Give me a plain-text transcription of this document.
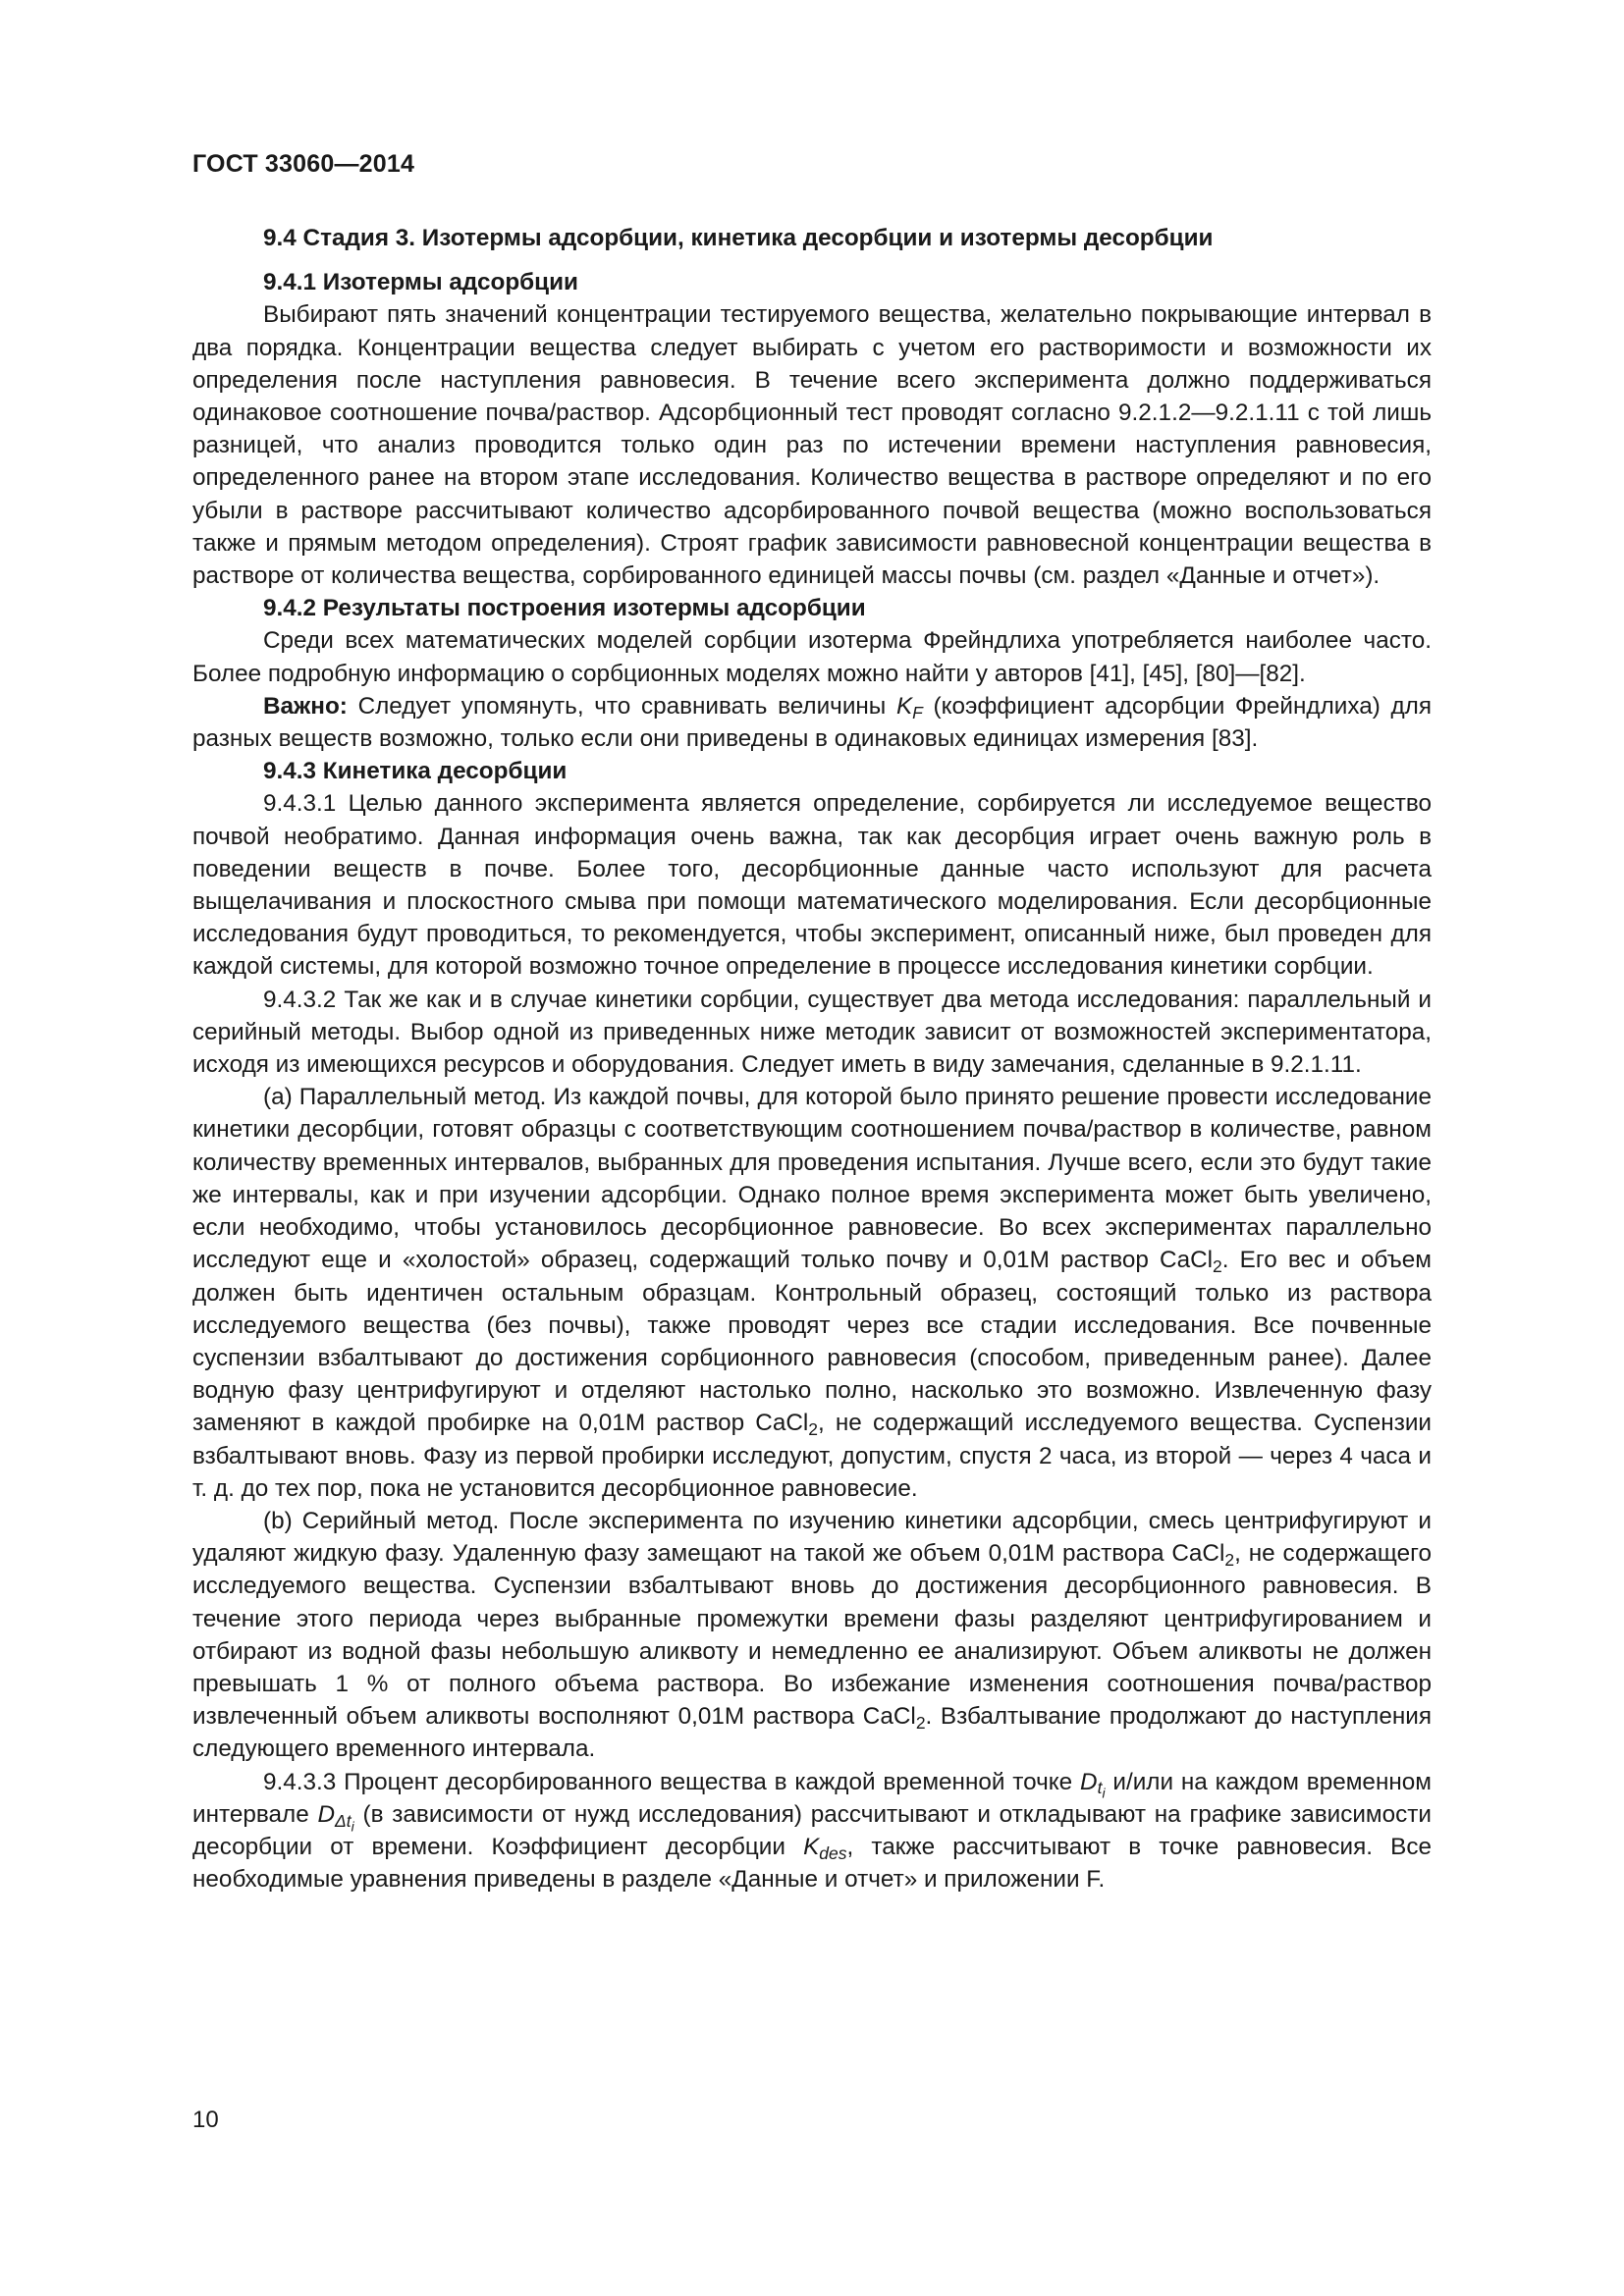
ГОСТ 33060—2014

9.4 Стадия 3. Изотермы адсорбции, кинетика десорбции и изотермы десорбции

9.4.1 Изотермы адсорбции

Выбирают пять значений концентрации тестируемого вещества, желательно покрывающие интервал в два порядка. Концентрации вещества следует выбирать с учетом его растворимости и возможности их определения после наступления равновесия. В течение всего эксперимента должно поддерживаться одинаковое соотношение почва/раствор. Адсорбционный тест проводят согласно 9.2.1.2—9.2.1.11 с той лишь разницей, что анализ проводится только один раз по истечении времени наступления равновесия, определенного ранее на втором этапе исследования. Количество вещества в растворе определяют и по его убыли в растворе рассчитывают количество адсорбированного почвой вещества (можно воспользоваться также и прямым методом определения). Строят график зависимости равновесной концентрации вещества в растворе от количества вещества, сорбированного единицей массы почвы (см. раздел «Данные и отчет»).

9.4.2 Результаты построения изотермы адсорбции

Среди всех математических моделей сорбции изотерма Фрейндлиха употребляется наиболее часто. Более подробную информацию о сорбционных моделях можно найти у авторов [41], [45], [80]—[82].

Важно: Следует упомянуть, что сравнивать величины $K_F$ (коэффициент адсорбции Фрейндлиха) для разных веществ возможно, только если они приведены в одинаковых единицах измерения [83].

9.4.3 Кинетика десорбции

9.4.3.1 Целью данного эксперимента является определение, сорбируется ли исследуемое вещество почвой необратимо. Данная информация очень важна, так как десорбция играет очень важную роль в поведении веществ в почве. Более того, десорбционные данные часто используют для расчета выщелачивания и плоскостного смыва при помощи математического моделирования. Если десорбционные исследования будут проводиться, то рекомендуется, чтобы эксперимент, описанный ниже, был проведен для каждой системы, для которой возможно точное определение в процессе исследования кинетики сорбции.

9.4.3.2 Так же как и в случае кинетики сорбции, существует два метода исследования: параллельный и серийный методы. Выбор одной из приведенных ниже методик зависит от возможностей экспериментатора, исходя из имеющихся ресурсов и оборудования. Следует иметь в виду замечания, сделанные в 9.2.1.11.

(a) Параллельный метод. Из каждой почвы, для которой было принято решение провести исследование кинетики десорбции, готовят образцы с соответствующим соотношением почва/раствор в количестве, равном количеству временных интервалов, выбранных для проведения испытания. Лучше всего, если это будут такие же интервалы, как и при изучении адсорбции. Однако полное время эксперимента может быть увеличено, если необходимо, чтобы установилось десорбционное равновесие. Во всех экспериментах параллельно исследуют еще и «холостой» образец, содержащий только почву и 0,01М раствор CaCl$_2$. Его вес и объем должен быть идентичен остальным образцам. Контрольный образец, состоящий только из раствора исследуемого вещества (без почвы), также проводят через все стадии исследования. Все почвенные суспензии взбалтывают до достижения сорбционного равновесия (способом, приведенным ранее). Далее водную фазу центрифугируют и отделяют настолько полно, насколько это возможно. Извлеченную фазу заменяют в каждой пробирке на 0,01М раствор CaCl$_2$, не содержащий исследуемого вещества. Суспензии взбалтывают вновь. Фазу из первой пробирки исследуют, допустим, спустя 2 часа, из второй — через 4 часа и т. д. до тех пор, пока не установится десорбционное равновесие.

(b) Серийный метод. После эксперимента по изучению кинетики адсорбции, смесь центрифугируют и удаляют жидкую фазу. Удаленную фазу замещают на такой же объем 0,01М раствора CaCl$_2$, не содержащего исследуемого вещества. Суспензии взбалтывают вновь до достижения десорбционного равновесия. В течение этого периода через выбранные промежутки времени фазы разделяют центрифугированием и отбирают из водной фазы небольшую аликвоту и немедленно ее анализируют. Объем аликвоты не должен превышать 1 % от полного объема раствора. Во избежание изменения соотношения почва/раствор извлеченный объем аликвоты восполняют 0,01М раствора CaCl$_2$. Взбалтывание продолжают до наступления следующего временного интервала.

9.4.3.3 Процент десорбированного вещества в каждой временной точке $D_{t_i}$ и/или на каждом временном интервале $D_{\Delta t_i}$ (в зависимости от нужд исследования) рассчитывают и откладывают на графике зависимости десорбции от времени. Коэффициент десорбции $K_{des}$, также рассчитывают в точке равновесия. Все необходимые уравнения приведены в разделе «Данные и отчет» и приложении F.

10
